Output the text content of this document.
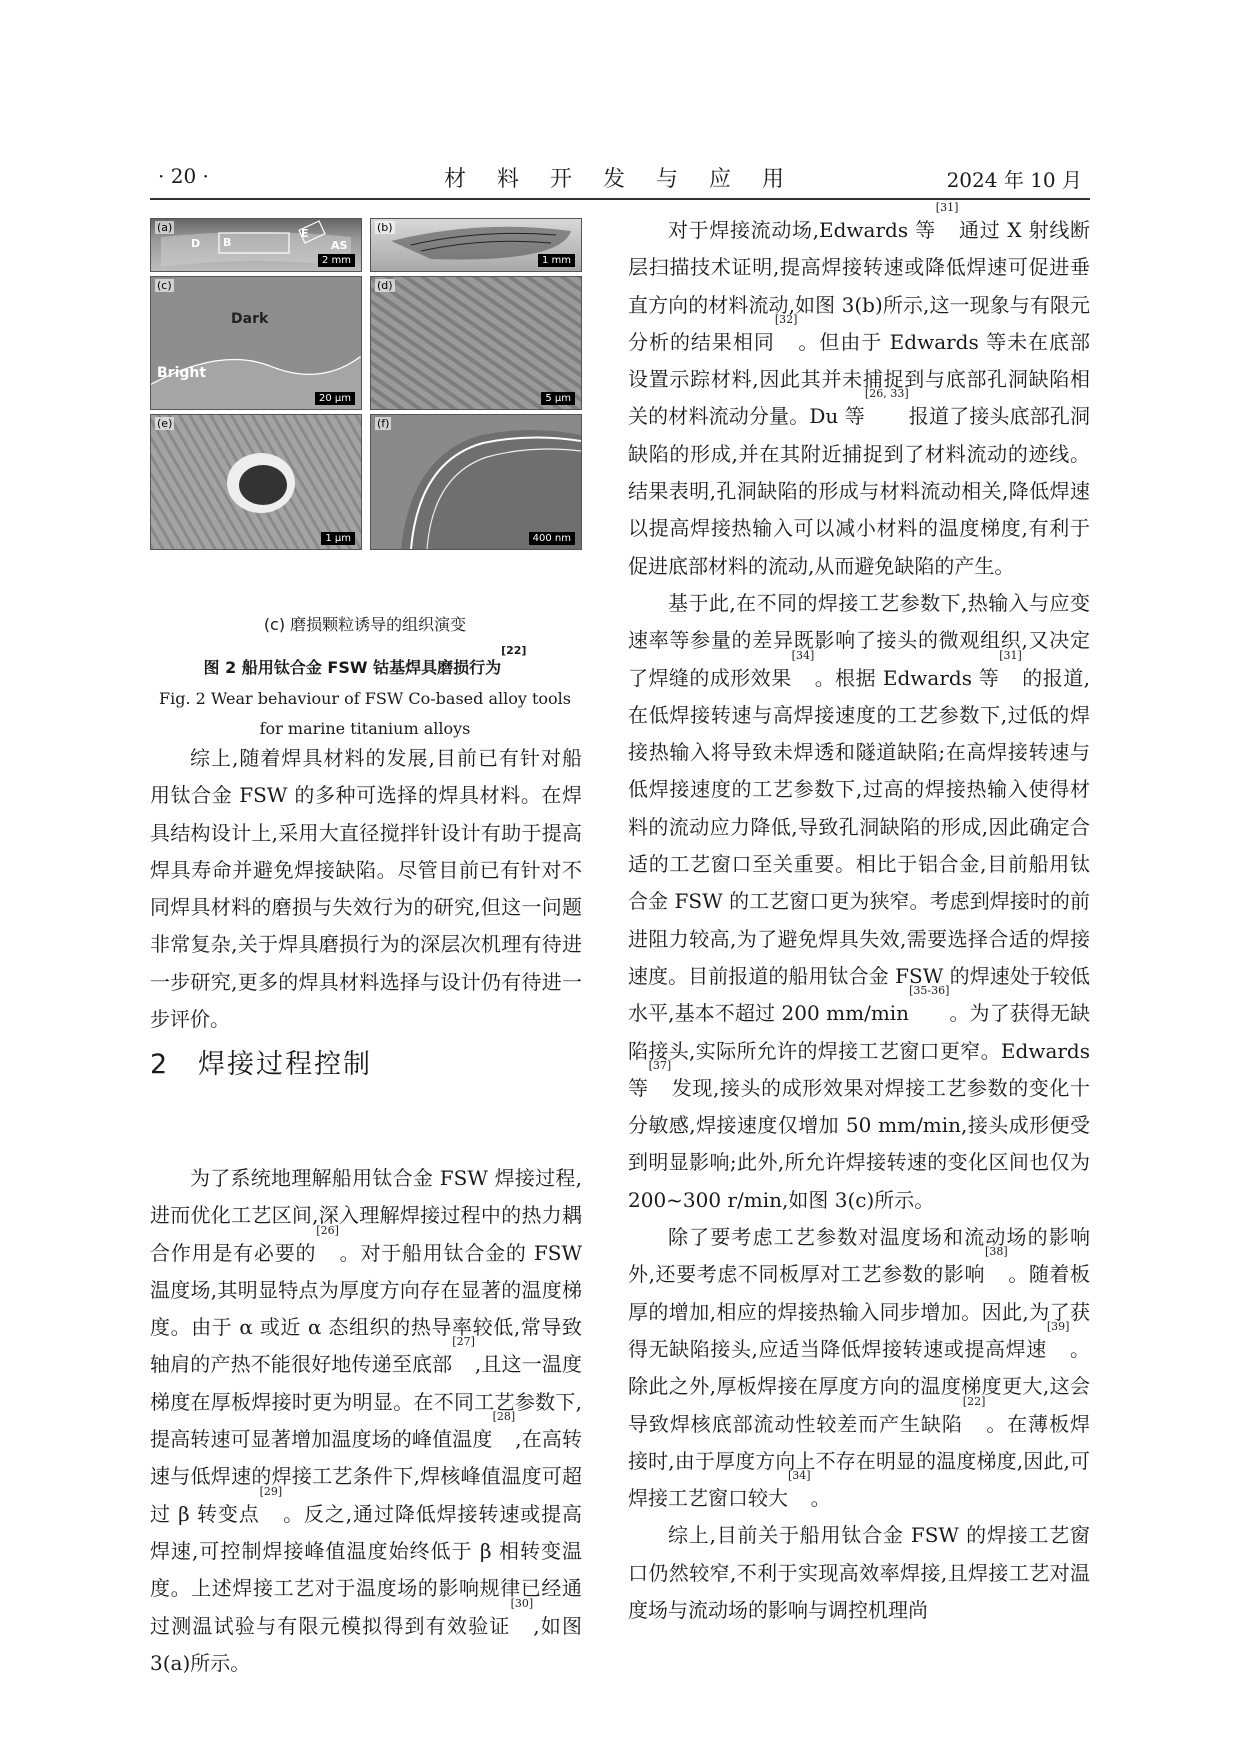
· 20 ·	材 料 开 发 与 应 用	2024 年 10 月
(a)
D B
E
AS
2 mm
(b)
1 mm
(c)
Dark
Bright
20 μm
(d)
5 μm
(e)
1 μm
(f)
400 nm
(c) 磨损颗粒诱导的组织演变
图 2 船用钛合金 FSW 钴基焊具磨损行为[22]
Fig. 2 Wear behaviour of FSW Co-based alloy tools
for marine titanium alloys

综上,随着焊具材料的发展,目前已有针对船用钛合金 FSW 的多种可选择的焊具材料。在焊具结构设计上,采用大直径搅拌针设计有助于提高焊具寿命并避免焊接缺陷。尽管目前已有针对不同焊具材料的磨损与失效行为的研究,但这一问题非常复杂,关于焊具磨损行为的深层次机理有待进一步研究,更多的焊具材料选择与设计仍有待进一步评价。

2 焊接过程控制

为了系统地理解船用钛合金 FSW 焊接过程,进而优化工艺区间,深入理解焊接过程中的热力耦合作用是有必要的[26]。对于船用钛合金的 FSW 温度场,其明显特点为厚度方向存在显著的温度梯度。由于 α 或近 α 态组织的热导率较低,常导致轴肩的产热不能很好地传递至底部[27],且这一温度梯度在厚板焊接时更为明显。在不同工艺参数下,提高转速可显著增加温度场的峰值温度[28],在高转速与低焊速的焊接工艺条件下,焊核峰值温度可超过 β 转变点[29]。反之,通过降低焊接转速或提高焊速,可控制焊接峰值温度始终低于 β 相转变温度。上述焊接工艺对于温度场的影响规律已经通过测温试验与有限元模拟得到有效验证[30],如图 3(a)所示。

对于焊接流动场,Edwards 等[31]通过 X 射线断层扫描技术证明,提高焊接转速或降低焊速可促进垂直方向的材料流动,如图 3(b)所示,这一现象与有限元分析的结果相同[32]。但由于 Edwards 等未在底部设置示踪材料,因此其并未捕捉到与底部孔洞缺陷相关的材料流动分量。Du 等[26, 33]报道了接头底部孔洞缺陷的形成,并在其附近捕捉到了材料流动的迹线。结果表明,孔洞缺陷的形成与材料流动相关,降低焊速以提高焊接热输入可以减小材料的温度梯度,有利于促进底部材料的流动,从而避免缺陷的产生。

基于此,在不同的焊接工艺参数下,热输入与应变速率等参量的差异既影响了接头的微观组织,又决定了焊缝的成形效果[34]。根据 Edwards 等[31]的报道,在低焊接转速与高焊接速度的工艺参数下,过低的焊接热输入将导致未焊透和隧道缺陷;在高焊接转速与低焊接速度的工艺参数下,过高的焊接热输入使得材料的流动应力降低,导致孔洞缺陷的形成,因此确定合适的工艺窗口至关重要。相比于铝合金,目前船用钛合金 FSW 的工艺窗口更为狭窄。考虑到焊接时的前进阻力较高,为了避免焊具失效,需要选择合适的焊接速度。目前报道的船用钛合金 FSW 的焊速处于较低水平,基本不超过 200 mm/min[35-36]。为了获得无缺陷接头,实际所允许的焊接工艺窗口更窄。Edwards 等[37]发现,接头的成形效果对焊接工艺参数的变化十分敏感,焊接速度仅增加 50 mm/min,接头成形便受到明显影响;此外,所允许焊接转速的变化区间也仅为 200~300 r/min,如图 3(c)所示。

除了要考虑工艺参数对温度场和流动场的影响外,还要考虑不同板厚对工艺参数的影响[38]。随着板厚的增加,相应的焊接热输入同步增加。因此,为了获得无缺陷接头,应适当降低焊接转速或提高焊速[39]。除此之外,厚板焊接在厚度方向的温度梯度更大,这会导致焊核底部流动性较差而产生缺陷[22]。在薄板焊接时,由于厚度方向上不存在明显的温度梯度,因此,可焊接工艺窗口较大[34]。

综上,目前关于船用钛合金 FSW 的焊接工艺窗口仍然较窄,不利于实现高效率焊接,且焊接工艺对温度场与流动场的影响与调控机理尚
